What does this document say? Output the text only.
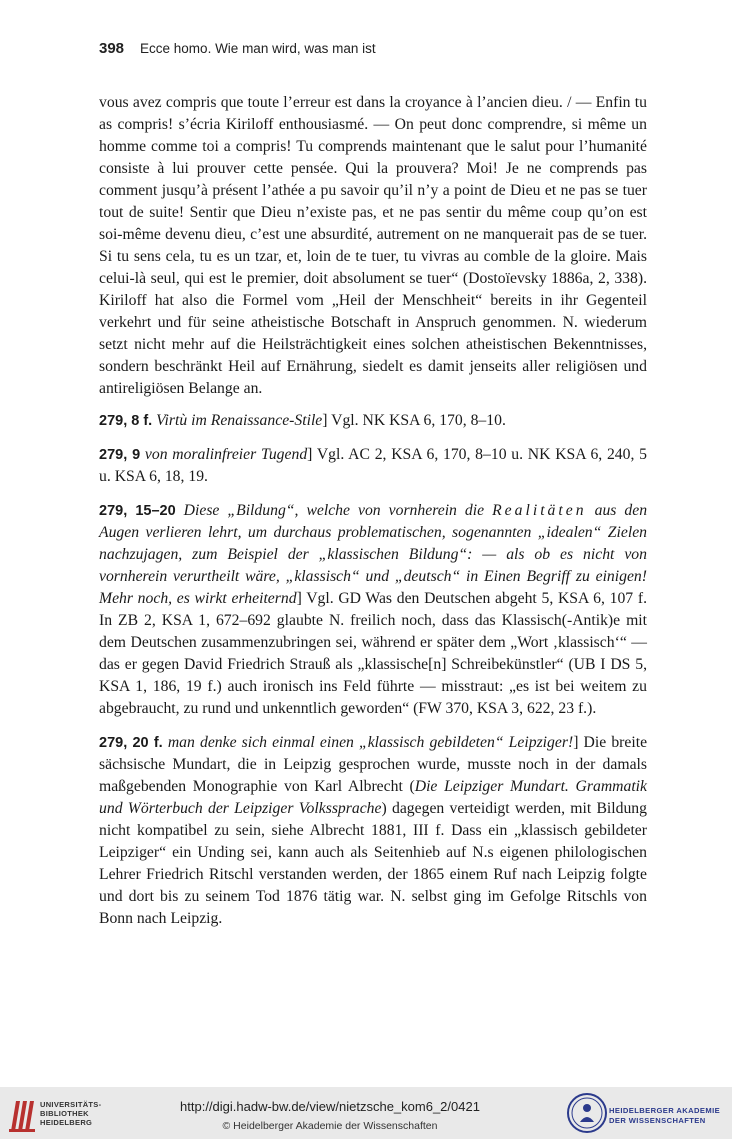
398 Ecce homo. Wie man wird, was man ist

vous avez compris que toute l’erreur est dans la croyance à l’ancien dieu. / — Enfin tu as compris! s’écria Kiriloff enthousiasmé. — On peut donc comprendre, si même un homme comme toi a compris! Tu comprends maintenant que le salut pour l’humanité consiste à lui prouver cette pensée. Qui la prouvera? Moi! Je ne comprends pas comment jusqu’à présent l’athée a pu savoir qu’il n’y a point de Dieu et ne pas se tuer tout de suite! Sentir que Dieu n’existe pas, et ne pas sentir du même coup qu’on est soi-même devenu dieu, c’est une absurdité, autrement on ne manquerait pas de se tuer. Si tu sens cela, tu es un tzar, et, loin de te tuer, tu vivras au comble de la gloire. Mais celui-là seul, qui est le premier, doit absolument se tuer“ (Dostoïevsky 1886a, 2, 338). Kiriloff hat also die Formel vom „Heil der Menschheit“ bereits in ihr Gegenteil verkehrt und für seine atheistische Botschaft in Anspruch genommen. N. wiederum setzt nicht mehr auf die Heilsträchtigkeit eines solchen atheistischen Bekenntnisses, sondern beschränkt Heil auf Ernährung, siedelt es damit jenseits aller religiösen und antireligiösen Belange an.

279, 8 f. Virtù im Renaissance-Stile] Vgl. NK KSA 6, 170, 8–10.

279, 9 von moralinfreier Tugend] Vgl. AC 2, KSA 6, 170, 8–10 u. NK KSA 6, 240, 5 u. KSA 6, 18, 19.

279, 15–20 Diese „Bildung“, welche von vornherein die Realitäten aus den Augen verlieren lehrt, um durchaus problematischen, sogenannten „idealen“ Zielen nachzujagen, zum Beispiel der „klassischen Bildung“: — als ob es nicht von vornherein verurtheilt wäre, „klassisch“ und „deutsch“ in Einen Begriff zu einigen! Mehr noch, es wirkt erheiternd] Vgl. GD Was den Deutschen abgeht 5, KSA 6, 107 f. In ZB 2, KSA 1, 672–692 glaubte N. freilich noch, dass das Klassisch(-Antik)e mit dem Deutschen zusammenzubringen sei, während er später dem „Wort ‚klassisch‘“ — das er gegen David Friedrich Strauß als „klassische[n] Schreibekünstler“ (UB I DS 5, KSA 1, 186, 19 f.) auch ironisch ins Feld führte — misstraut: „es ist bei weitem zu abgebraucht, zu rund und unkenntlich geworden“ (FW 370, KSA 3, 622, 23 f.).

279, 20 f. man denke sich einmal einen „klassisch gebildeten“ Leipziger!] Die breite sächsische Mundart, die in Leipzig gesprochen wurde, musste noch in der damals maßgebenden Monographie von Karl Albrecht (Die Leipziger Mundart. Grammatik und Wörterbuch der Leipziger Volkssprache) dagegen verteidigt werden, mit Bildung nicht kompatibel zu sein, siehe Albrecht 1881, III f. Dass ein „klassisch gebildeter Leipziger“ ein Unding sei, kann auch als Seitenhieb auf N.s eigenen philologischen Lehrer Friedrich Ritschl verstanden werden, der 1865 einem Ruf nach Leipzig folgte und dort bis zu seinem Tod 1876 tätig war. N. selbst ging im Gefolge Ritschls von Bonn nach Leipzig.

UNIVERSITÄTS-
BIBLIOTHEK
HEIDELBERG
http://digi.hadw-bw.de/view/nietzsche_kom6_2/0421
© Heidelberger Akademie der Wissenschaften
HEIDELBERGER AKADEMIE
DER WISSENSCHAFTEN
